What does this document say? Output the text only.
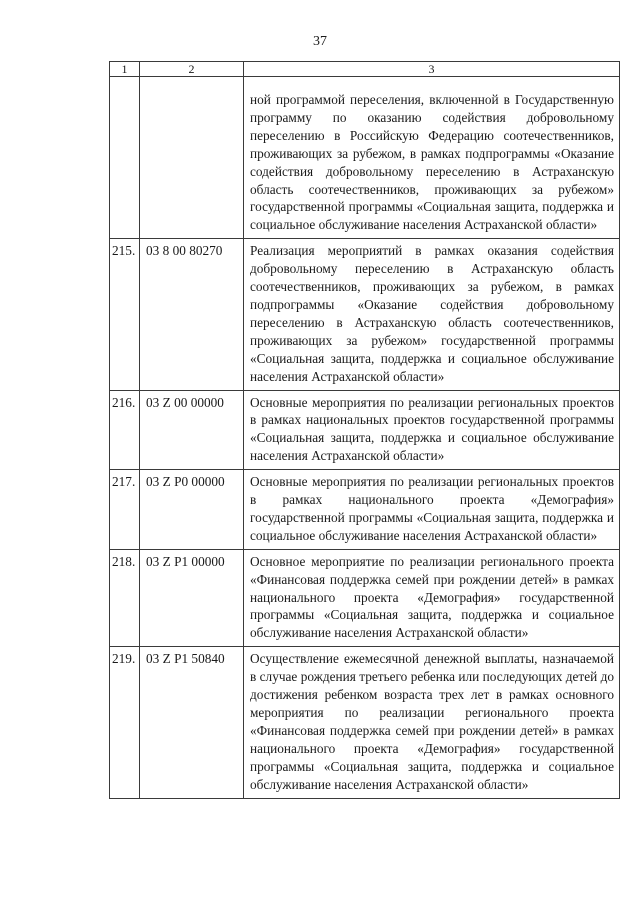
37
1	2	3
		ной программой переселения, включенной в Государственную программу по оказанию содействия добровольному переселению в Российскую Федерацию соотечественников, проживающих за рубежом, в рамках подпрограммы «Оказание содействия добровольному переселению в Астраханскую область соотечественников, проживающих за рубежом» государственной программы «Социальная защита, поддержка и социальное обслуживание населения Астраханской области»
215.	03 8 00 80270	Реализация мероприятий в рамках оказания содействия добровольному переселению в Астраханскую область соотечественников, проживающих за рубежом, в рамках подпрограммы «Оказание содействия добровольному переселению в Астраханскую область соотечественников, проживающих за рубежом» государственной программы «Социальная защита, поддержка и социальное обслуживание населения Астраханской области»
216.	03 Z 00 00000	Основные мероприятия по реализации региональных проектов в рамках национальных проектов государственной программы «Социальная защита, поддержка и социальное обслуживание населения Астраханской области»
217.	03 Z P0 00000	Основные мероприятия по реализации региональных проектов в рамках национального проекта «Демография» государственной программы «Социальная защита, поддержка и социальное обслуживание населения Астраханской области»
218.	03 Z P1 00000	Основное мероприятие по реализации регионального проекта «Финансовая поддержка семей при рождении детей» в рамках национального проекта «Демография» государственной программы «Социальная защита, поддержка и социальное обслуживание населения Астраханской области»
219.	03 Z P1 50840	Осуществление ежемесячной денежной выплаты, назначаемой в случае рождения третьего ребенка или последующих детей до достижения ребенком возраста трех лет в рамках основного мероприятия по реализации регионального проекта «Финансовая поддержка семей при рождении детей» в рамках национального проекта «Демография» государственной программы «Социальная защита, поддержка и социальное обслуживание населения Астраханской области»
